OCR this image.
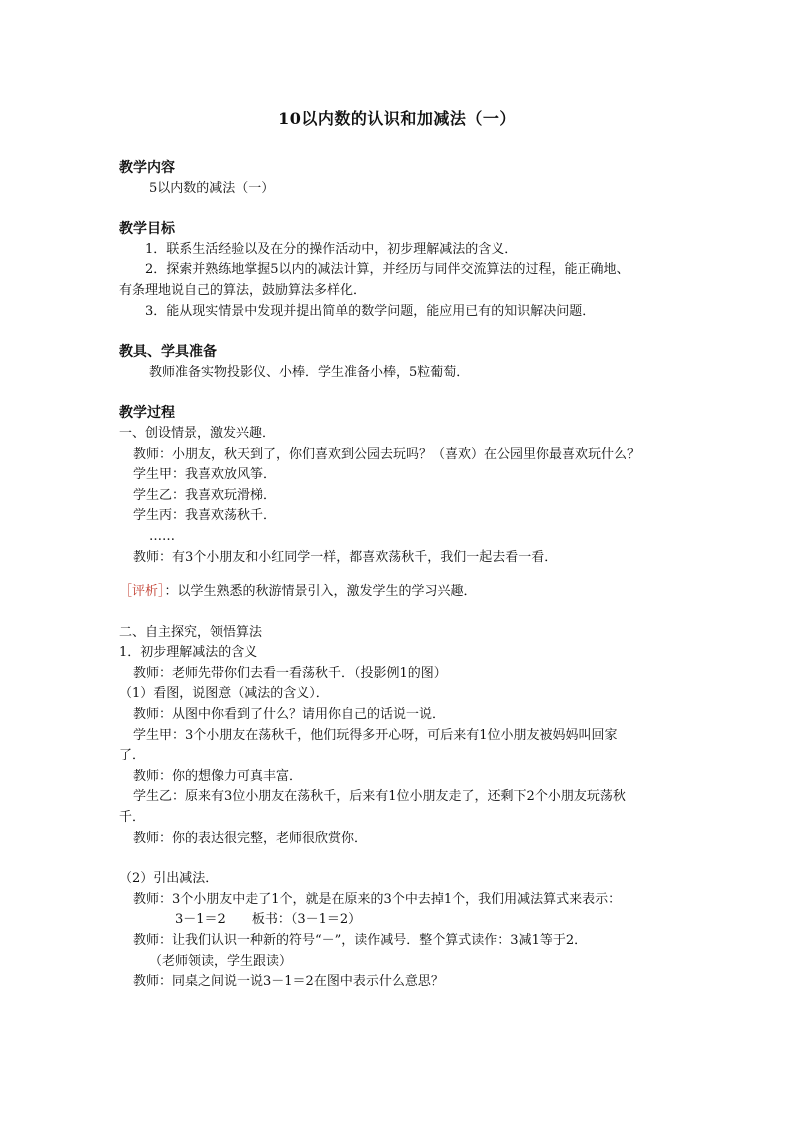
10以内数的认识和加减法（一）

教学内容

5以内数的减法（一）

教学目标

1．联系生活经验以及在分的操作活动中，初步理解减法的含义．

2．探索并熟练地掌握5以内的减法计算，并经历与同伴交流算法的过程，能正确地、

有条理地说自己的算法，鼓励算法多样化．

3．能从现实情景中发现并提出简单的数学问题，能应用已有的知识解决问题．

教具、学具准备

教师准备实物投影仪、小棒．学生准备小棒，5粒葡萄．

教学过程

一、创设情景，激发兴趣．

教师：小朋友，秋天到了，你们喜欢到公园去玩吗？（喜欢）在公园里你最喜欢玩什么？

学生甲：我喜欢放风筝．

学生乙：我喜欢玩滑梯．

学生丙：我喜欢荡秋千．

……

教师：有3个小朋友和小红同学一样，都喜欢荡秋千，我们一起去看一看．

［评析］：以学生熟悉的秋游情景引入，激发学生的学习兴趣．

二、自主探究，领悟算法

1．初步理解减法的含义

教师：老师先带你们去看一看荡秋千．（投影例1的图）

（1）看图，说图意（减法的含义）．

教师：从图中你看到了什么？请用你自己的话说一说．

学生甲：3个小朋友在荡秋千，他们玩得多开心呀，可后来有1位小朋友被妈妈叫回家

了．

教师：你的想像力可真丰富．

学生乙：原来有3位小朋友在荡秋千，后来有1位小朋友走了，还剩下2个小朋友玩荡秋

千．

教师：你的表达很完整，老师很欣赏你．

（2）引出减法．

教师：3个小朋友中走了1个，就是在原来的3个中去掉1个，我们用减法算式来表示：

3－1＝2　　板书：（3－1＝2）

教师：让我们认识一种新的符号“－”，读作减号．整个算式读作：3减1等于2．

（老师领读，学生跟读）

教师：同桌之间说一说3－1＝2在图中表示什么意思？
